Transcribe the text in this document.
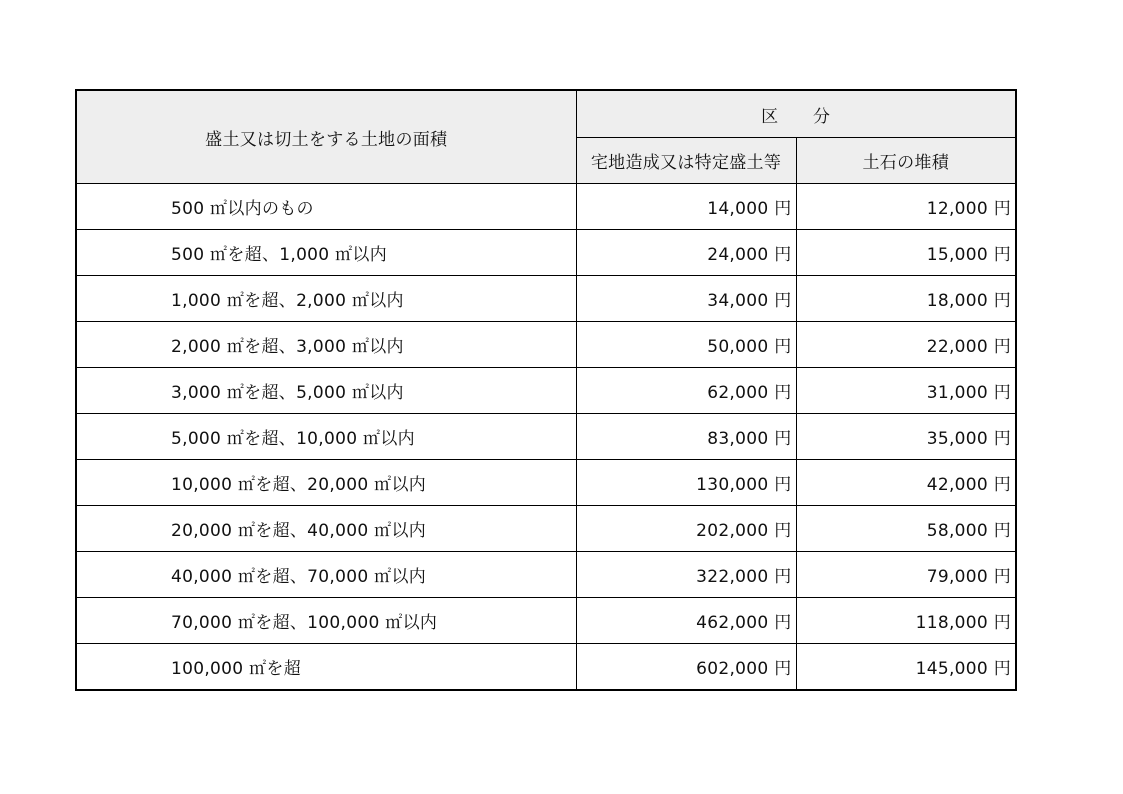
盛土又は切土をする土地の面積	区　　分	
	宅地造成又は特定盛土等	土石の堆積
500 ㎡以内のもの	14,000 円	12,000 円
500 ㎡を超、1,000 ㎡以内	24,000 円	15,000 円
1,000 ㎡を超、2,000 ㎡以内	34,000 円	18,000 円
2,000 ㎡を超、3,000 ㎡以内	50,000 円	22,000 円
3,000 ㎡を超、5,000 ㎡以内	62,000 円	31,000 円
5,000 ㎡を超、10,000 ㎡以内	83,000 円	35,000 円
10,000 ㎡を超、20,000 ㎡以内	130,000 円	42,000 円
20,000 ㎡を超、40,000 ㎡以内	202,000 円	58,000 円
40,000 ㎡を超、70,000 ㎡以内	322,000 円	79,000 円
70,000 ㎡を超、100,000 ㎡以内	462,000 円	118,000 円
100,000 ㎡を超	602,000 円	145,000 円
